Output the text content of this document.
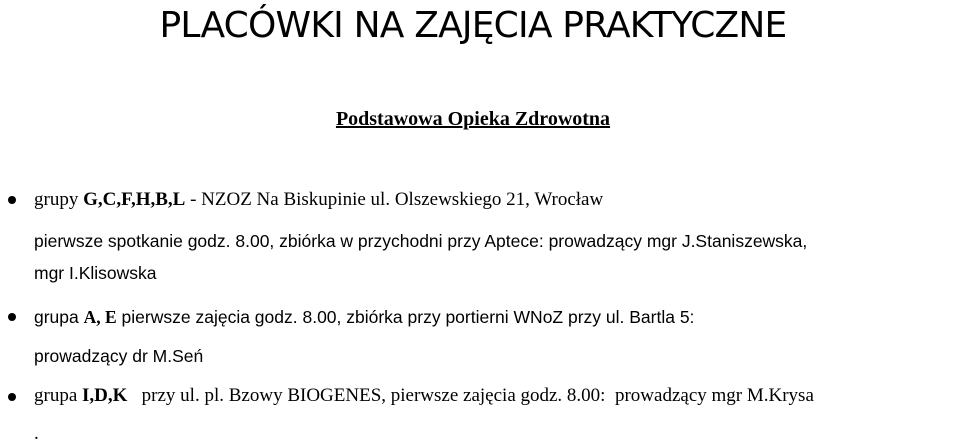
PLACÓWKI NA ZAJĘCIA PRAKTYCZNE
Podstawowa Opieka Zdrowotna
grupy G,C,F,H,B,L - NZOZ Na Biskupinie ul. Olszewskiego 21, Wrocław
pierwsze spotkanie godz. 8.00, zbiórka w przychodni przy Aptece: prowadzący mgr J.Staniszewska,
mgr I.Klisowska
grupa A, E pierwsze zajęcia godz. 8.00, zbiórka przy portierni WNoZ przy ul. Bartla 5:
prowadzący dr M.Seń
grupa I,D,K   przy ul. pl. Bzowy BIOGENES, pierwsze zajęcia godz. 8.00:  prowadzący mgr M.Krysa
.
